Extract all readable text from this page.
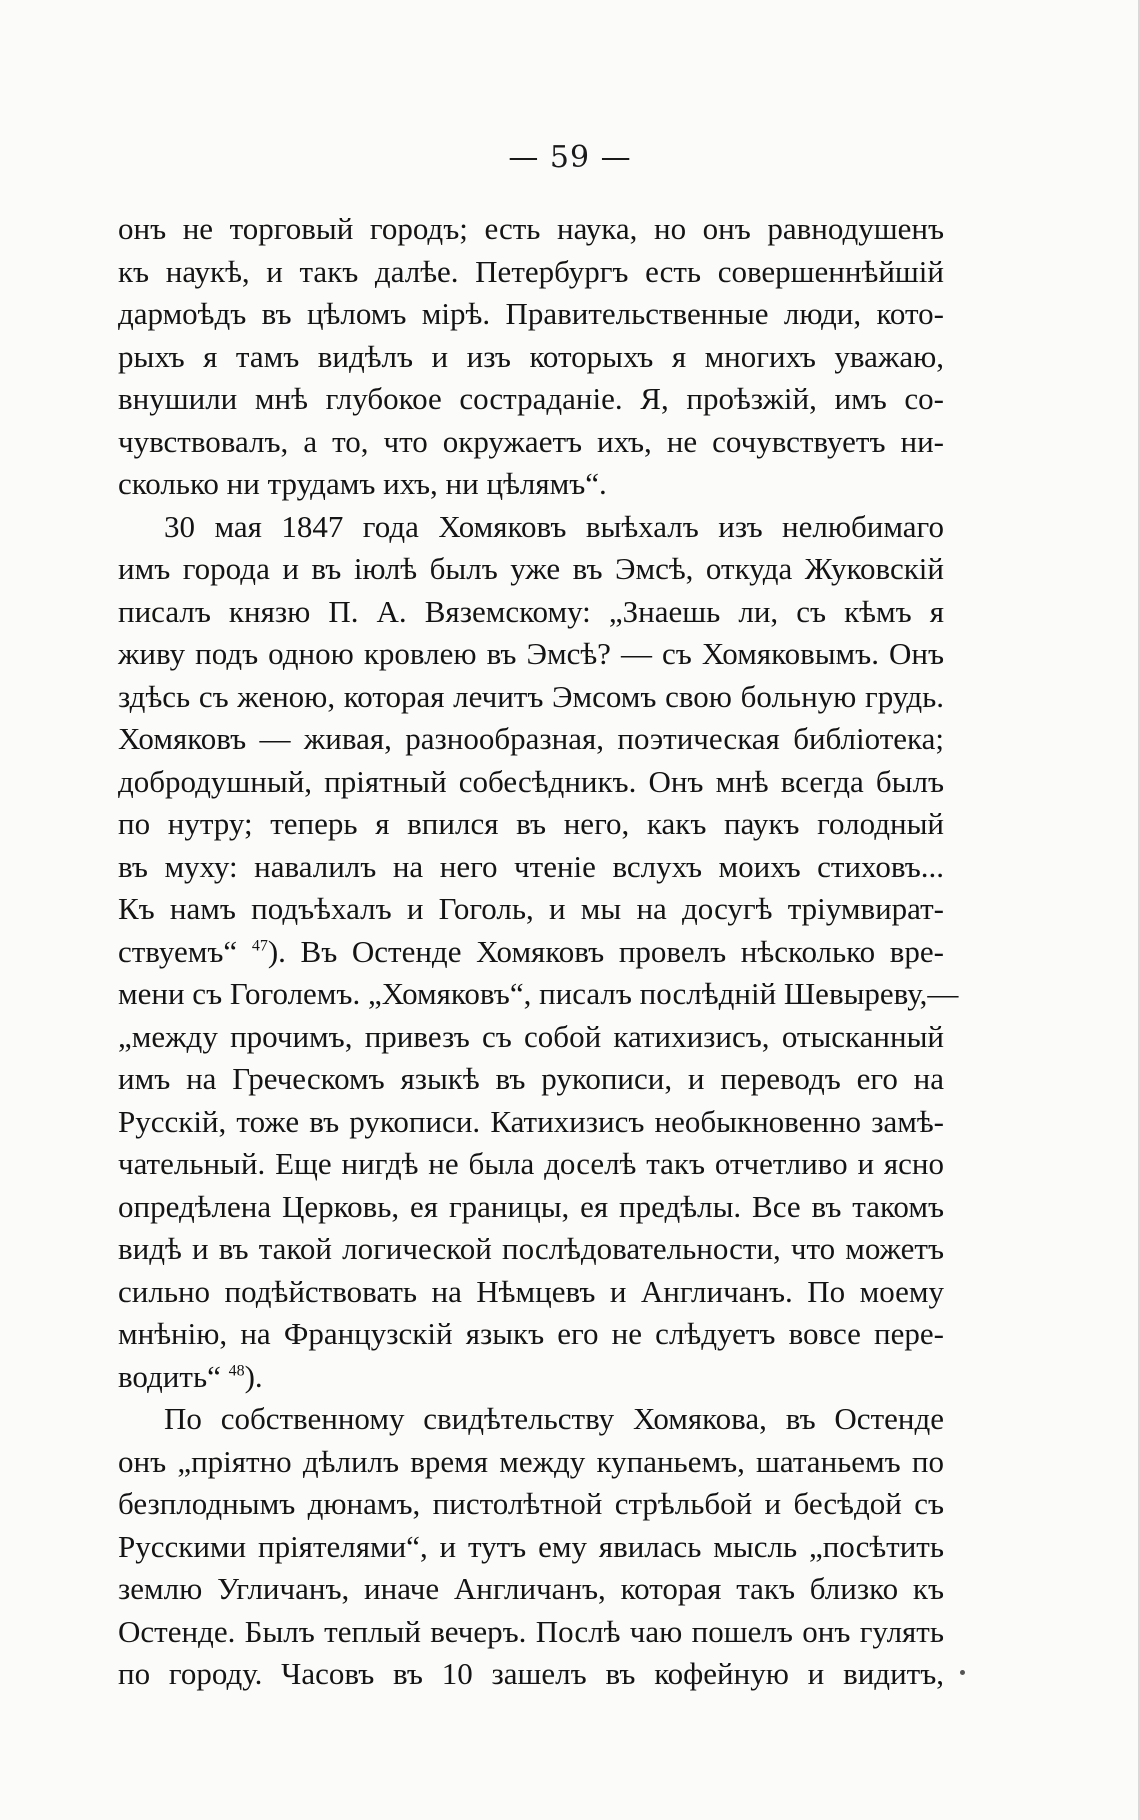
— 59 —
онъ не торговый городъ; есть наука, но онъ равнодушенъ
къ наукѣ, и такъ далѣе. Петербургъ есть совершеннѣйшій
дармоѣдъ въ цѣломъ мірѣ. Правительственные люди, кото-
рыхъ я тамъ видѣлъ и изъ которыхъ я многихъ уважаю,
внушили мнѣ глубокое состраданіе. Я, проѣзжій, имъ со-
чувствовалъ, а то, что окружаетъ ихъ, не сочувствуетъ ни-
сколько ни трудамъ ихъ, ни цѣлямъ“.
30 мая 1847 года Хомяковъ выѣхалъ изъ нелюбимаго
имъ города и въ іюлѣ былъ уже въ Эмсѣ, откуда Жуковскій
писалъ князю П. А. Вяземскому: „Знаешь ли, съ кѣмъ я
живу подъ одною кровлею въ Эмсѣ? — съ Хомяковымъ. Онъ
здѣсь съ женою, которая лечитъ Эмсомъ свою больную грудь.
Хомяковъ — живая, разнообразная, поэтическая библіотека;
добродушный, пріятный собесѣдникъ. Онъ мнѣ всегда былъ
по нутру; теперь я впился въ него, какъ паукъ голодный
въ муху: навалилъ на него чтеніе вслухъ моихъ стиховъ...
Къ намъ подъѣхалъ и Гоголь, и мы на досугѣ тріумвират-
ствуемъ“ $^{47}$). Въ Остенде Хомяковъ провелъ нѣсколько вре-
мени съ Гоголемъ. „Хомяковъ“, писалъ послѣдній Шевыреву,—
„между прочимъ, привезъ съ собой катихизисъ, отысканный
имъ на Греческомъ языкѣ въ рукописи, и переводъ его на
Русскій, тоже въ рукописи. Катихизисъ необыкновенно замѣ-
чательный. Еще нигдѣ не была доселѣ такъ отчетливо и ясно
опредѣлена Церковь, ея границы, ея предѣлы. Все въ такомъ
видѣ и въ такой логической послѣдовательности, что можетъ
сильно подѣйствовать на Нѣмцевъ и Англичанъ. По моему
мнѣнію, на Французскій языкъ его не слѣдуетъ вовсе пере-
водить“ $^{48}$).
По собственному свидѣтельству Хомякова, въ Остенде
онъ „пріятно дѣлилъ время между купаньемъ, шатаньемъ по
безплоднымъ дюнамъ, пистолѣтной стрѣльбой и бесѣдой съ
Русскими пріятелями“, и тутъ ему явилась мысль „посѣтить
землю Угличанъ, иначе Англичанъ, которая такъ близко къ
Остенде. Былъ теплый вечеръ. Послѣ чаю пошелъ онъ гулять
по городу. Часовъ въ 10 зашелъ въ кофейную и видитъ,
